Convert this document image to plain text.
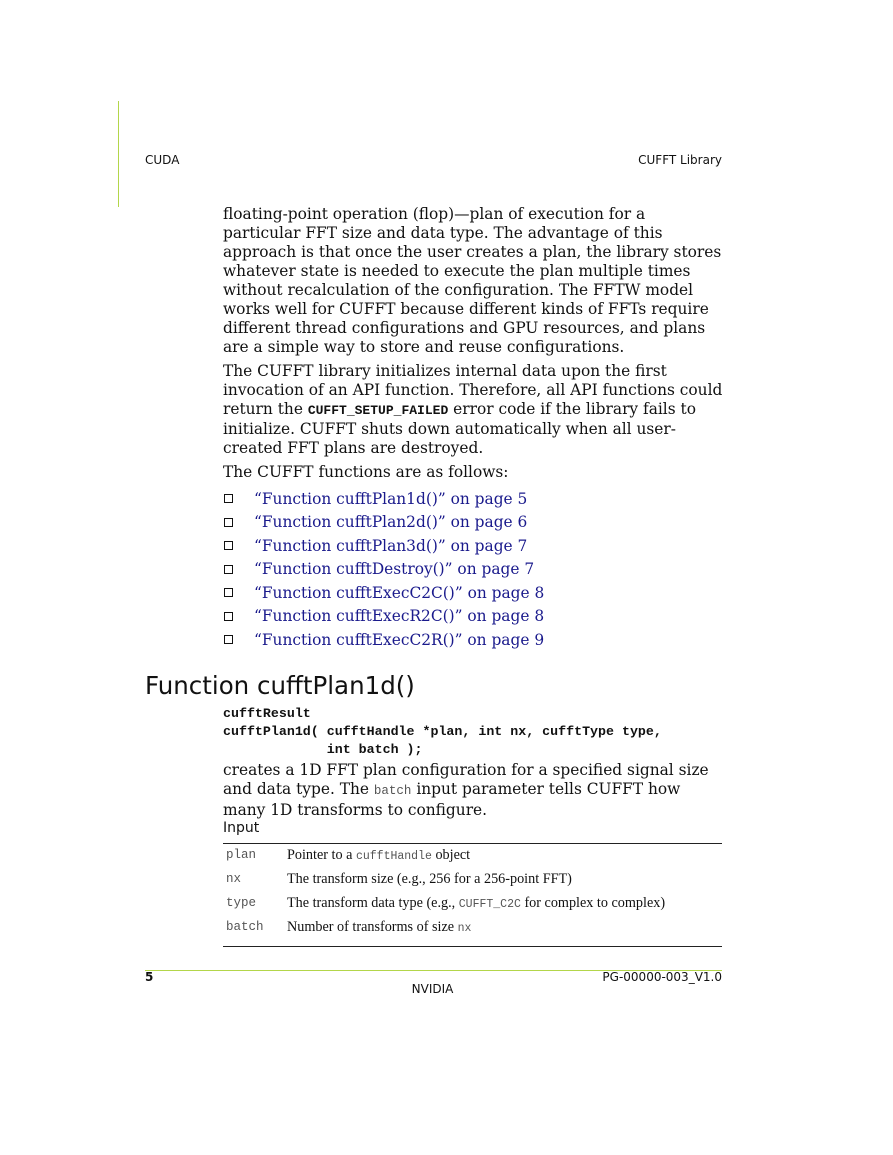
CUDA	CUFFT Library

floating-point operation (flop)—plan of execution for a particular FFT size and data type. The advantage of this approach is that once the user creates a plan, the library stores whatever state is needed to execute the plan multiple times without recalculation of the configuration. The FFTW model works well for CUFFT because different kinds of FFTs require different thread configurations and GPU resources, and plans are a simple way to store and reuse configurations.

The CUFFT library initializes internal data upon the first invocation of an API function. Therefore, all API functions could return the CUFFT_SETUP_FAILED error code if the library fails to initialize. CUFFT shuts down automatically when all user-created FFT plans are destroyed.

The CUFFT functions are as follows:

“Function cufftPlan1d()” on page 5
“Function cufftPlan2d()” on page 6
“Function cufftPlan3d()” on page 7
“Function cufftDestroy()” on page 7
“Function cufftExecC2C()” on page 8
“Function cufftExecR2C()” on page 8
“Function cufftExecC2R()” on page 9
Function cufftPlan1d()
cufftResult
cufftPlan1d( cufftHandle *plan, int nx, cufftType type,
int batch );

creates a 1D FFT plan configuration for a specified signal size and data type. The batch input parameter tells CUFFT how many 1D transforms to configure.

Input
plan	Pointer to a cufftHandle object
nx	The transform size (e.g., 256 for a 256-point FFT)
type	The transform data type (e.g., CUFFT_C2C for complex to complex)
batch	Number of transforms of size nx

5	PG-00000-003_V1.0
NVIDIA
